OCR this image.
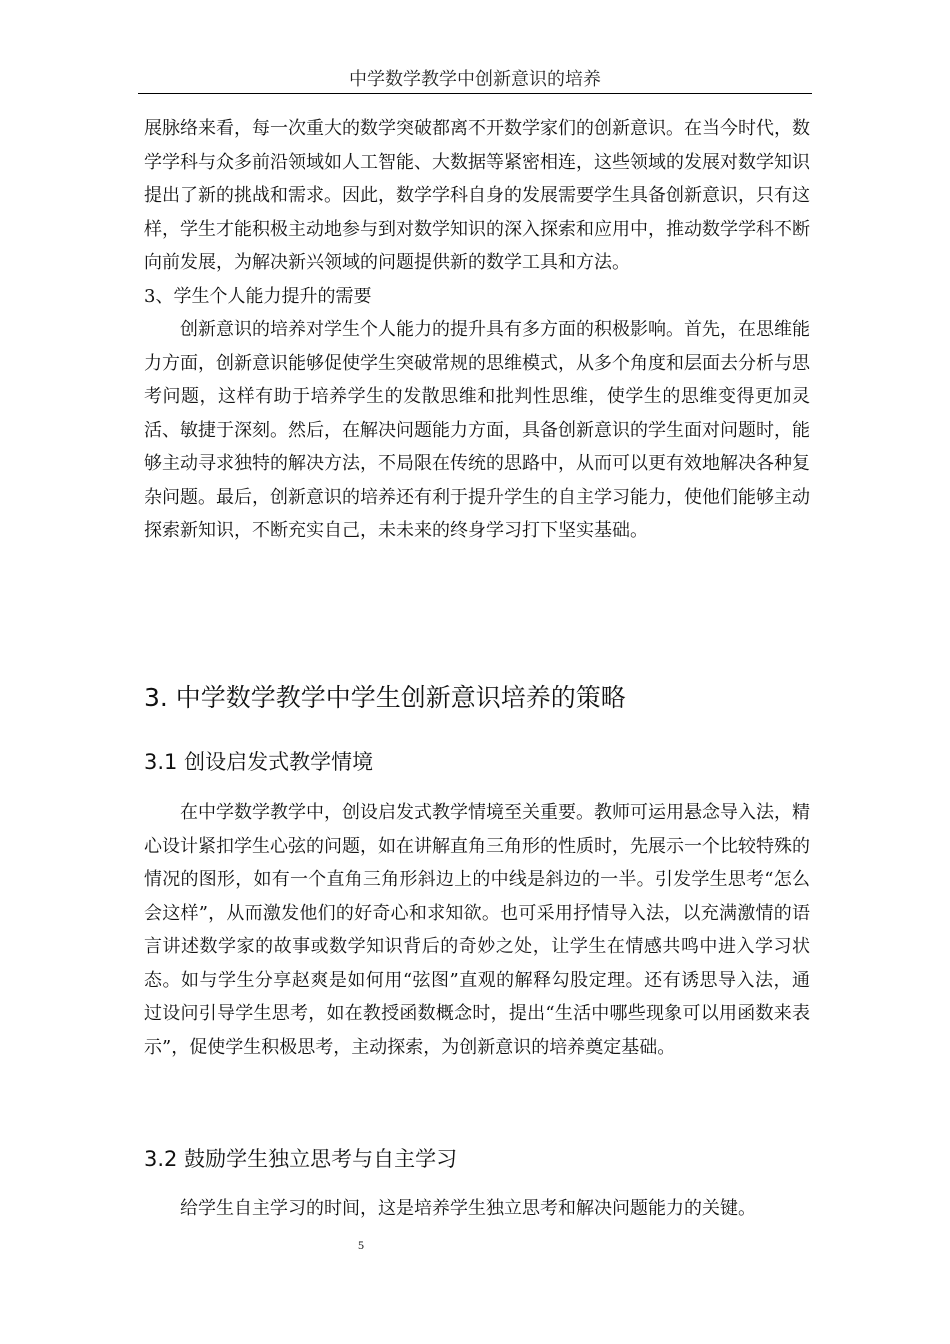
中学数学教学中创新意识的培养

展脉络来看，每一次重大的数学突破都离不开数学家们的创新意识。在当今时代，数学学科与众多前沿领域如人工智能、大数据等紧密相连，这些领域的发展对数学知识提出了新的挑战和需求。因此，数学学科自身的发展需要学生具备创新意识，只有这样，学生才能积极主动地参与到对数学知识的深入探索和应用中，推动数学学科不断向前发展，为解决新兴领域的问题提供新的数学工具和方法。

3、学生个人能力提升的需要

创新意识的培养对学生个人能力的提升具有多方面的积极影响。首先，在思维能力方面，创新意识能够促使学生突破常规的思维模式，从多个角度和层面去分析与思考问题，这样有助于培养学生的发散思维和批判性思维，使学生的思维变得更加灵活、敏捷于深刻。然后，在解决问题能力方面，具备创新意识的学生面对问题时，能够主动寻求独特的解决方法，不局限在传统的思路中，从而可以更有效地解决各种复杂问题。最后，创新意识的培养还有利于提升学生的自主学习能力，使他们能够主动探索新知识，不断充实自己，未未来的终身学习打下坚实基础。

3. 中学数学教学中学生创新意识培养的策略
3.1 创设启发式教学情境

在中学数学教学中，创设启发式教学情境至关重要。教师可运用悬念导入法，精心设计紧扣学生心弦的问题，如在讲解直角三角形的性质时，先展示一个比较特殊的情况的图形，如有一个直角三角形斜边上的中线是斜边的一半。引发学生思考“怎么会这样”，从而激发他们的好奇心和求知欲。也可采用抒情导入法，以充满激情的语言讲述数学家的故事或数学知识背后的奇妙之处，让学生在情感共鸣中进入学习状态。如与学生分享赵爽是如何用“弦图”直观的解释勾股定理。还有诱思导入法，通过设问引导学生思考，如在教授函数概念时，提出“生活中哪些现象可以用函数来表示”，促使学生积极思考，主动探索，为创新意识的培养奠定基础。

3.2 鼓励学生独立思考与自主学习

给学生自主学习的时间，这是培养学生独立思考和解决问题能力的关键。

5
